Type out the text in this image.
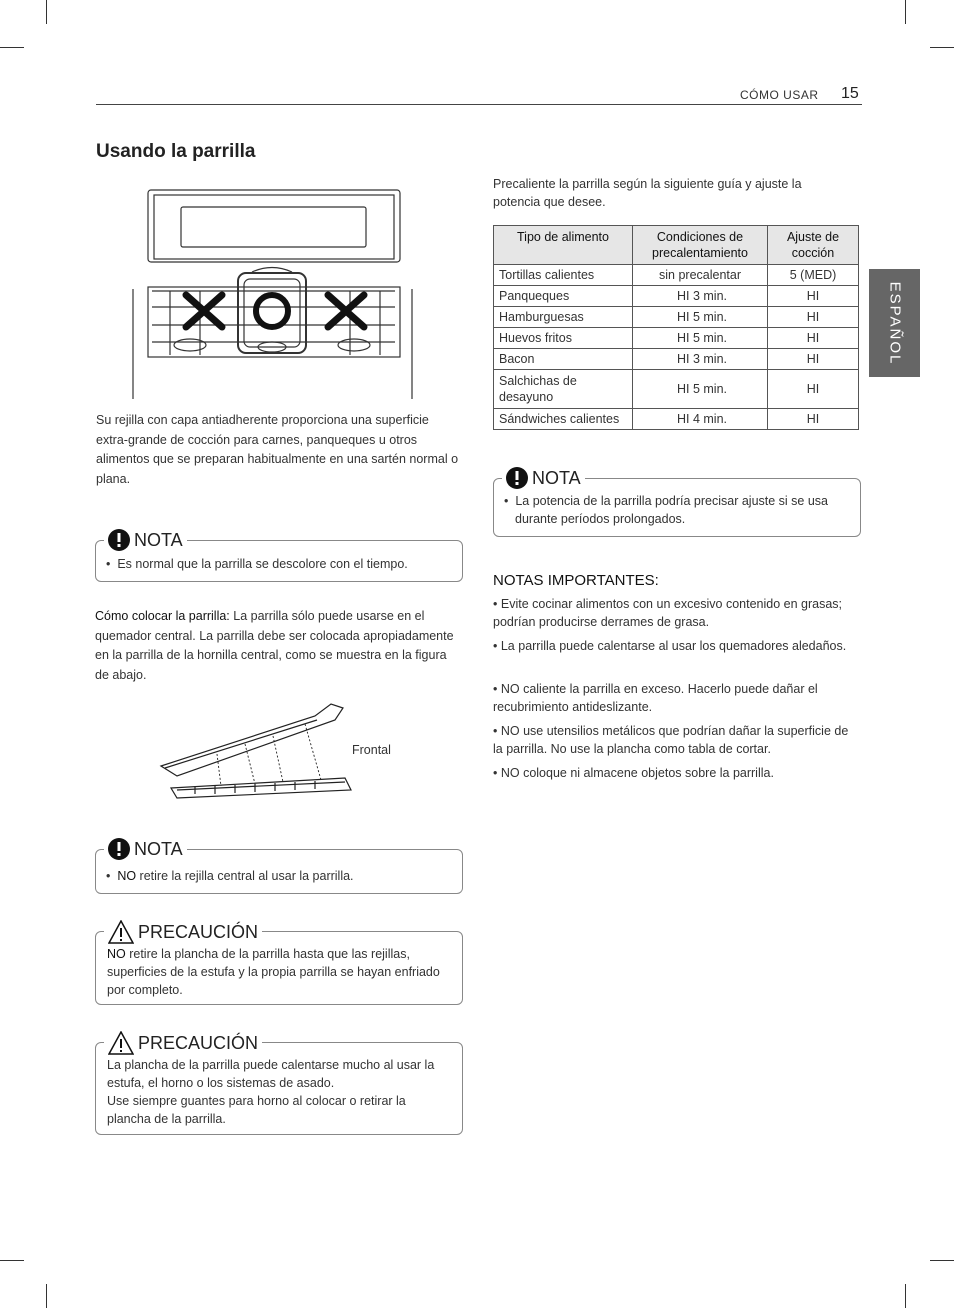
CÓMO USAR 15
ESPAÑOL
Usando la parrilla
Su rejilla con capa antiadherente proporciona una superficie extra-grande de cocción para carnes, panqueques u otros alimentos que se preparan habitualmente en una sartén normal o plana.
NOTA
•  Es normal que la parrilla se descolore con el tiempo.
Cómo colocar la parrilla: La parrilla sólo puede usarse en el quemador central. La parrilla debe ser colocada apropiadamente en la parrilla de la hornilla central, como se muestra en la figura de abajo.
Frontal
NOTA
•  NO retire la rejilla central al usar la parrilla.
PRECAUCIÓN
NO retire la plancha de la parrilla hasta que las rejillas, superficies de la estufa y la propia parrilla se hayan enfriado por completo.
PRECAUCIÓN
La plancha de la parrilla puede calentarse mucho al usar la estufa, el horno o los sistemas de asado.
Use siempre guantes para horno al colocar o retirar la plancha de la parrilla.
Precaliente la parrilla según la siguiente guía y ajuste la potencia que desee.
Tipo de alimento	Condiciones de precalentamiento	Ajuste de cocción
Tortillas calientes	sin precalentar	5 (MED)
Panqueques	HI 3 min.	HI
Hamburguesas	HI 5 min.	HI
Huevos fritos	HI 5 min.	HI
Bacon	HI 3 min.	HI
Salchichas de desayuno	HI 5 min.	HI
Sándwiches calientes	HI 4 min.	HI
NOTA
•  La potencia de la parrilla podría precisar ajuste si se usa durante períodos prolongados.
NOTAS IMPORTANTES:
• Evite cocinar alimentos con un excesivo contenido en grasas; podrían producirse derrames de grasa.
• La parrilla puede calentarse al usar los quemadores aledaños.
• NO caliente la parrilla en exceso. Hacerlo puede dañar el recubrimiento antideslizante.
• NO use utensilios metálicos que podrían dañar la superficie de la parrilla. No use la plancha como tabla de cortar.
• NO coloque ni almacene objetos sobre la parrilla.
